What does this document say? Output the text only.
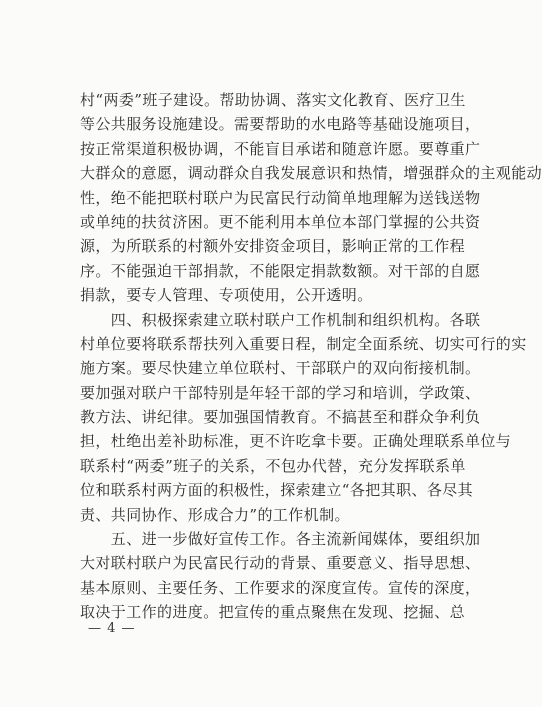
村“两委”班子建设。帮助协调、落实文化教育、医疗卫生
等公共服务设施建设。需要帮助的水电路等基础设施项目，
按正常渠道积极协调，不能盲目承诺和随意许愿。要尊重广
大群众的意愿，调动群众自我发展意识和热情，增强群众的主观能动
性，绝不能把联村联户为民富民行动简单地理解为送钱送物
或单纯的扶贫济困。更不能利用本单位本部门掌握的公共资
源，为所联系的村额外安排资金项目，影响正常的工作程
序。不能强迫干部捐款，不能限定捐款数额。对干部的自愿
捐款，要专人管理、专项使用，公开透明。
　　四、积极探索建立联村联户工作机制和组织机构。各联
村单位要将联系帮扶列入重要日程，制定全面系统、切实可行的实
施方案。要尽快建立单位联村、干部联户的双向衔接机制。
要加强对联户干部特别是年轻干部的学习和培训，学政策、
教方法、讲纪律。要加强国情教育。不搞甚至和群众争利负
担，杜绝出差补助标准，更不许吃拿卡要。正确处理联系单位与
联系村“两委”班子的关系，不包办代替，充分发挥联系单
位和联系村两方面的积极性，探索建立“各把其职、各尽其
责、共同协作、形成合力”的工作机制。
　　五、进一步做好宣传工作。各主流新闻媒体，要组织加
大对联村联户为民富民行动的背景、重要意义、指导思想、
基本原则、主要任务、工作要求的深度宣传。宣传的深度，
取决于工作的进度。把宣传的重点聚焦在发现、挖掘、总
— 4 —
